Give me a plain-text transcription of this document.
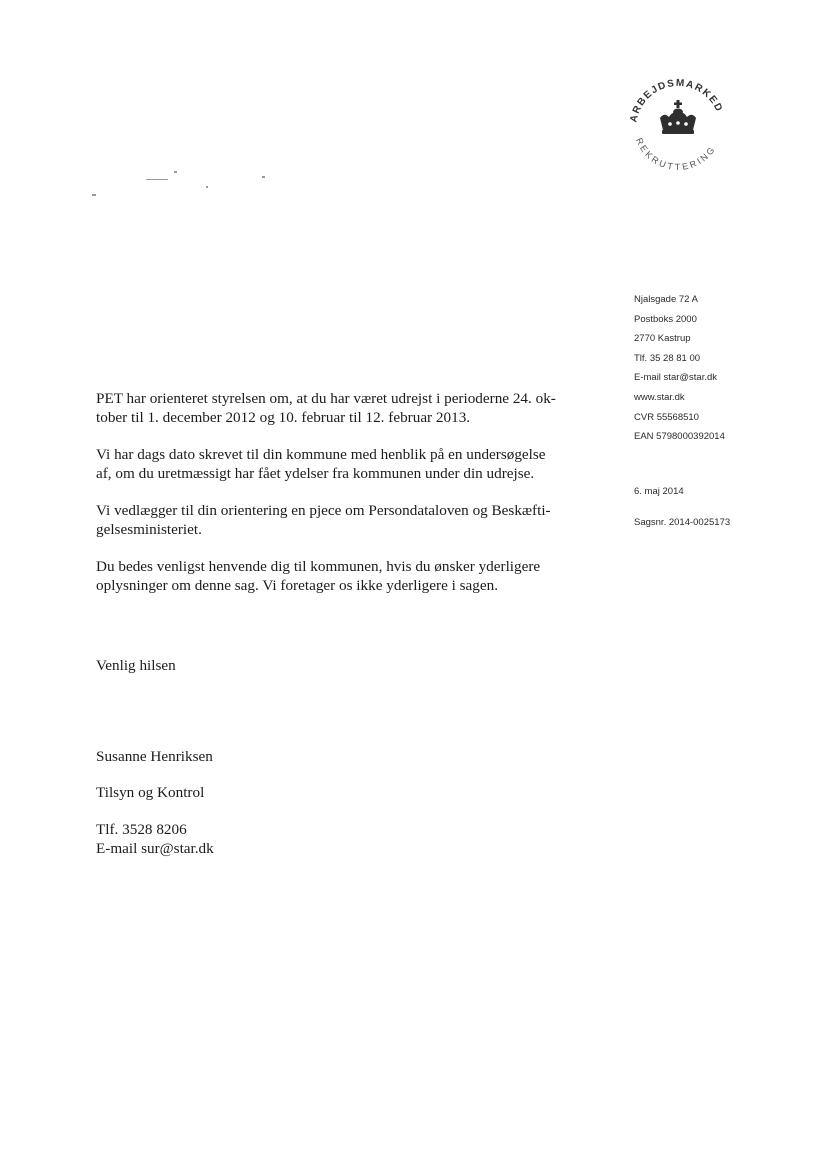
ARBEJDSMARKED
REKRUTTERING
Njalsgade 72 A
Postboks 2000
2770 Kastrup
Tlf. 35 28 81 00
E-mail star@star.dk
www.star.dk
CVR 55568510
EAN 5798000392014
6. maj 2014
Sagsnr. 2014-0025173

PET har orienteret styrelsen om, at du har været udrejst i perioderne 24. ok-
tober til 1. december 2012 og 10. februar til 12. februar 2013.

Vi har dags dato skrevet til din kommune med henblik på en undersøgelse
af, om du uretmæssigt har fået ydelser fra kommunen under din udrejse.

Vi vedlægger til din orientering en pjece om Persondataloven og Beskæfti-
gelsesministeriet.

Du bedes venligst henvende dig til kommunen, hvis du ønsker yderligere
oplysninger om denne sag. Vi foretager os ikke yderligere i sagen.

Venlig hilsen
Susanne Henriksen
Tilsyn og Kontrol
Tlf. 3528 8206
E-mail sur@star.dk
